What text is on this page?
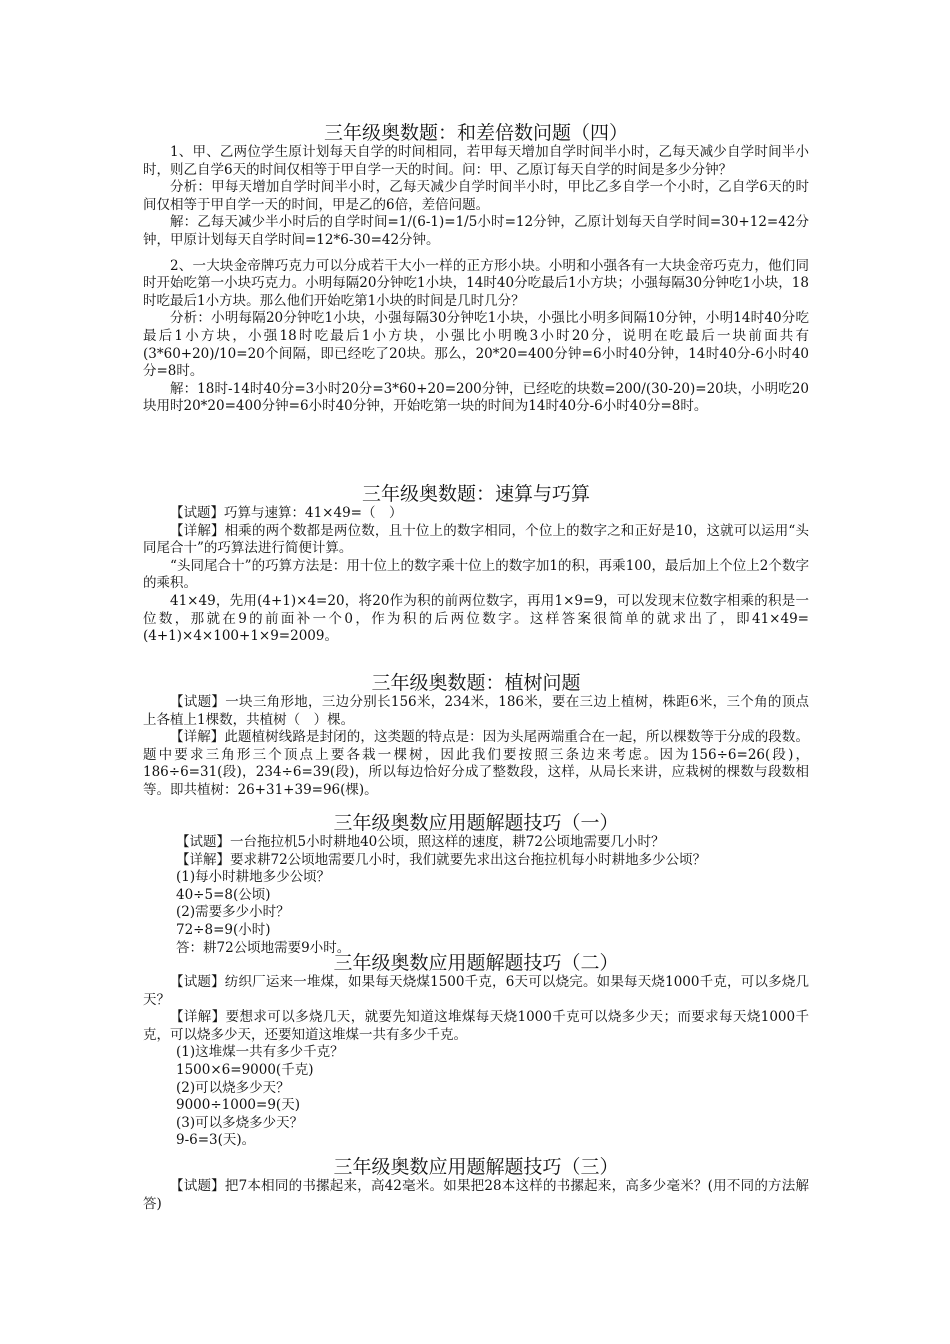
三年级奥数题：和差倍数问题（四）

1、甲、乙两位学生原计划每天自学的时间相同，若甲每天增加自学时间半小时，乙每天减少自学时间半小时，则乙自学6天的时间仅相等于甲自学一天的时间。问：甲、乙原订每天自学的时间是多少分钟？

分析：甲每天增加自学时间半小时，乙每天减少自学时间半小时，甲比乙多自学一个小时，乙自学6天的时间仅相等于甲自学一天的时间，甲是乙的6倍，差倍问题。

解：乙每天减少半小时后的自学时间=1/(6-1)=1/5小时=12分钟，乙原计划每天自学时间=30+12=42分钟，甲原计划每天自学时间=12*6-30=42分钟。

2、一大块金帝牌巧克力可以分成若干大小一样的正方形小块。小明和小强各有一大块金帝巧克力，他们同时开始吃第一小块巧克力。小明每隔20分钟吃1小块，14时40分吃最后1小方块；小强每隔30分钟吃1小块，18时吃最后1小方块。那么他们开始吃第1小块的时间是几时几分？

分析：小明每隔20分钟吃1小块，小强每隔30分钟吃1小块，小强比小明多间隔10分钟，小明14时40分吃最后1小方块，小强18时吃最后1小方块，小强比小明晚3小时20分，说明在吃最后一块前面共有(3*60+20)/10=20个间隔，即已经吃了20块。那么，20*20=400分钟=6小时40分钟，14时40分-6小时40分=8时。

解：18时-14时40分=3小时20分=3*60+20=200分钟，已经吃的块数=200/(30-20)=20块，小明吃20块用时20*20=400分钟=6小时40分钟，开始吃第一块的时间为14时40分-6小时40分=8时。

三年级奥数题：速算与巧算

【试题】巧算与速算：41×49=（　）

【详解】相乘的两个数都是两位数，且十位上的数字相同，个位上的数字之和正好是10，这就可以运用“头同尾合十”的巧算法进行简便计算。

“头同尾合十”的巧算方法是：用十位上的数字乘十位上的数字加1的积，再乘100，最后加上个位上2个数字的乘积。

41×49，先用(4+1)×4=20，将20作为积的前两位数字，再用1×9=9，可以发现末位数字相乘的积是一位数，那就在9的前面补一个0，作为积的后两位数字。这样答案很简单的就求出了，即41×49=(4+1)×4×100+1×9=2009。

三年级奥数题：植树问题

【试题】一块三角形地，三边分别长156米，234米，186米，要在三边上植树，株距6米，三个角的顶点上各植上1棵数，共植树（　）棵。

【详解】此题植树线路是封闭的，这类题的特点是：因为头尾两端重合在一起，所以棵数等于分成的段数。题中要求三角形三个顶点上要各栽一棵树，因此我们要按照三条边来考虑。因为156÷6=26(段)，186÷6=31(段)，234÷6=39(段)，所以每边恰好分成了整数段，这样，从局长来讲，应栽树的棵数与段数相等。即共植树：26+31+39=96(棵)。

三年级奥数应用题解题技巧（一）

【试题】一台拖拉机5小时耕地40公顷，照这样的速度，耕72公顷地需要几小时？

【详解】要求耕72公顷地需要几小时，我们就要先求出这台拖拉机每小时耕地多少公顷？

(1)每小时耕地多少公顷？

40÷5=8(公顷)

(2)需要多少小时？

72÷8=9(小时)

答：耕72公顷地需要9小时。

三年级奥数应用题解题技巧（二）

【试题】纺织厂运来一堆煤，如果每天烧煤1500千克，6天可以烧完。如果每天烧1000千克，可以多烧几天？

【详解】要想求可以多烧几天，就要先知道这堆煤每天烧1000千克可以烧多少天；而要求每天烧1000千克，可以烧多少天，还要知道这堆煤一共有多少千克。

(1)这堆煤一共有多少千克？

1500×6=9000(千克)

(2)可以烧多少天？

9000÷1000=9(天)

(3)可以多烧多少天？

9-6=3(天)。

三年级奥数应用题解题技巧（三）

【试题】把7本相同的书摞起来，高42毫米。如果把28本这样的书摞起来，高多少毫米？(用不同的方法解答)
